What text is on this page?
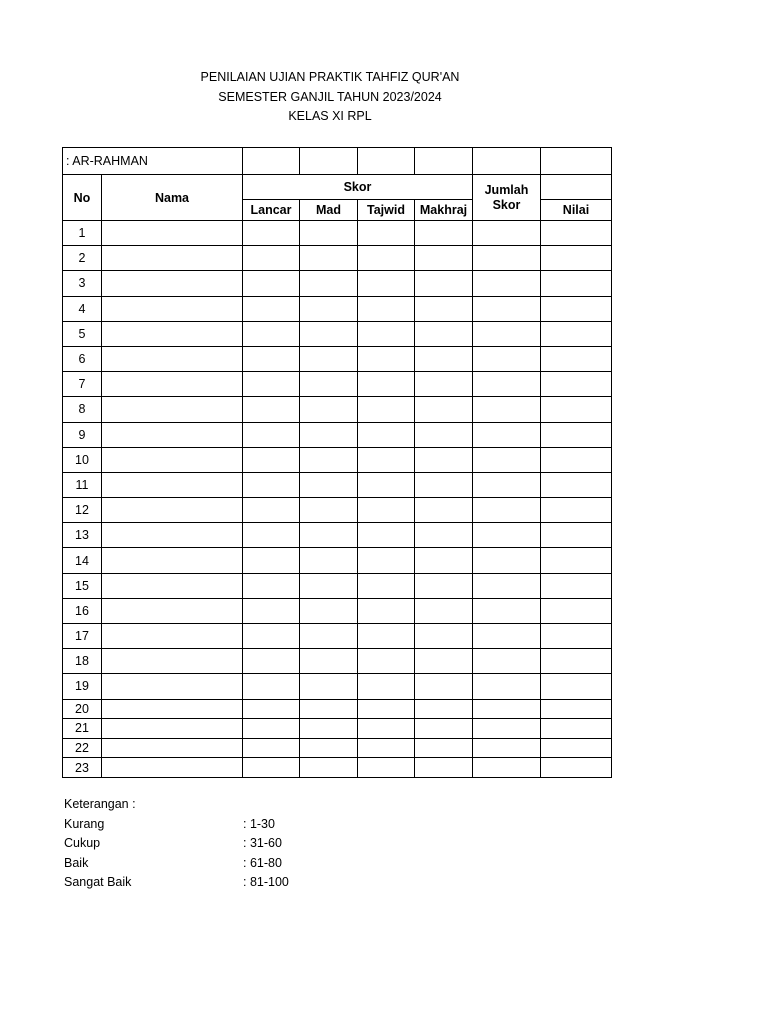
PENILAIAN UJIAN PRAKTIK TAHFIZ QUR'AN
SEMESTER GANJIL TAHUN 2023/2024
KELAS XI RPL
: AR-RAHMAN							
No	Nama	Skor				Jumlah Skor	
		Lancar	Mad	Tajwid	Makhraj		Nilai
1							
2							
3							
4							
5							
6							
7							
8							
9							
10							
11							
12							
13							
14							
15							
16							
17							
18							
19							
20							
21							
22							
23							
Keterangan :
Kurang	: 1-30
Cukup	: 31-60
Baik	: 61-80
Sangat Baik	: 81-100
